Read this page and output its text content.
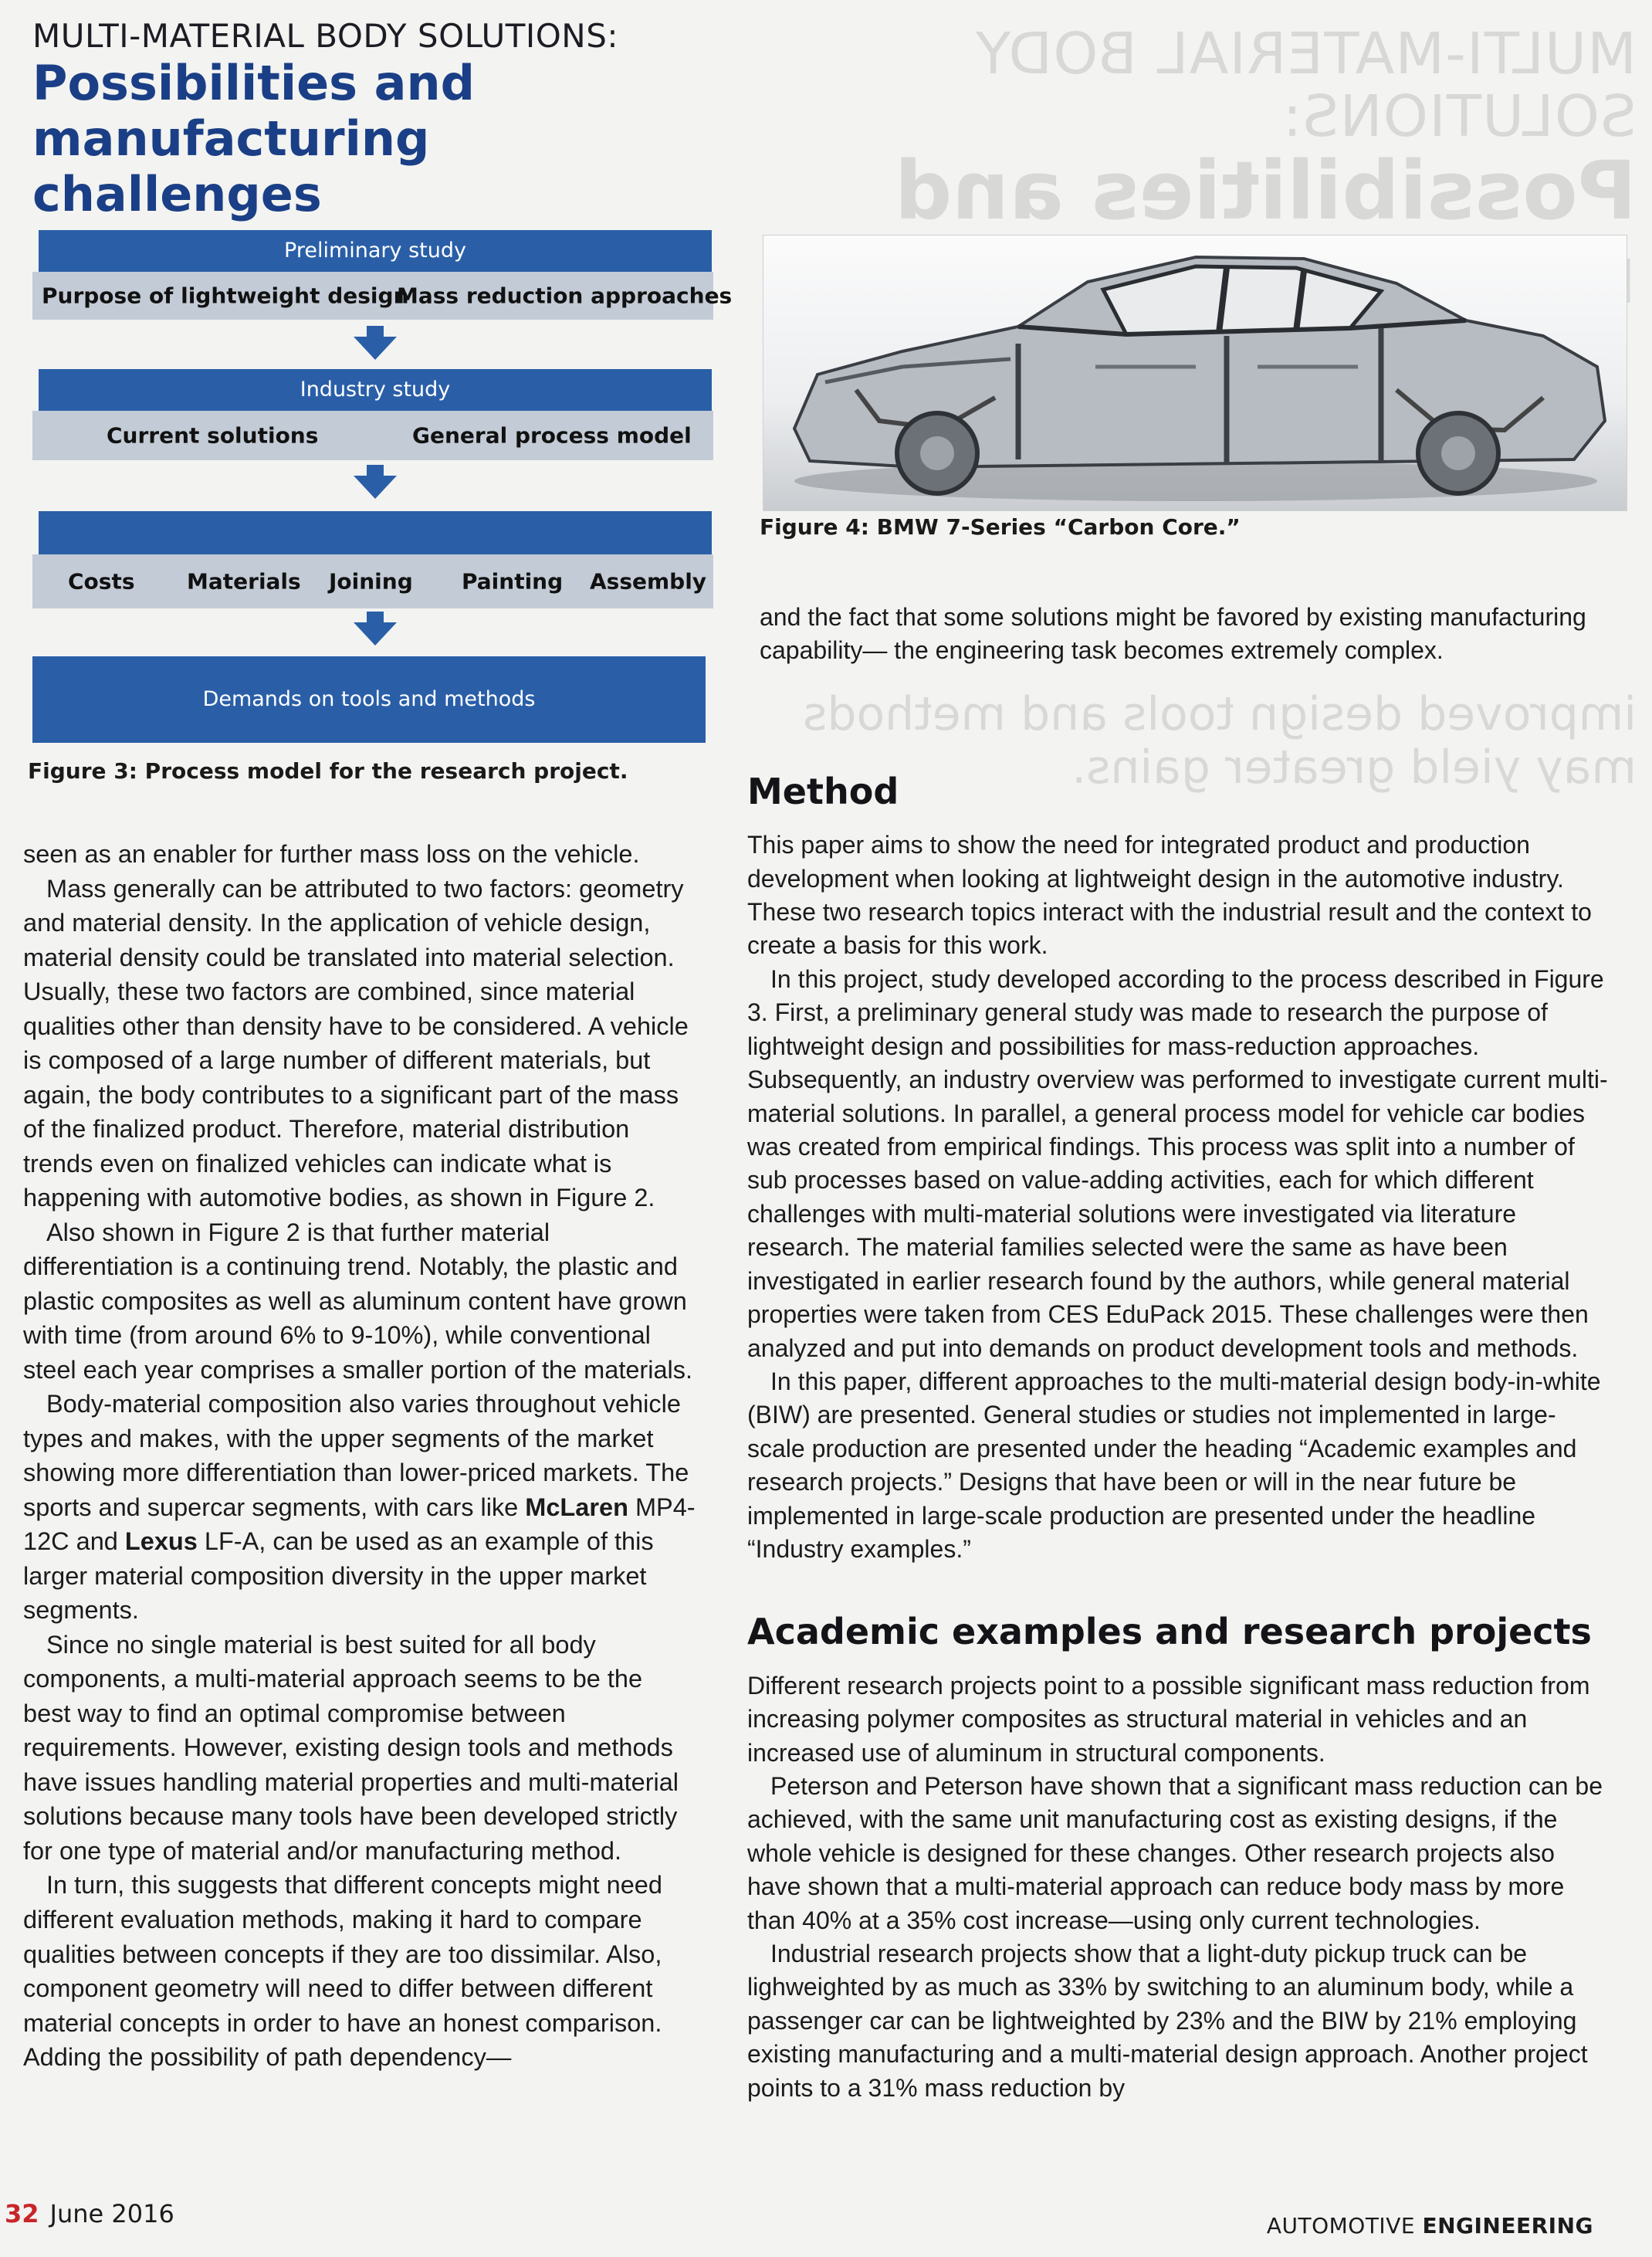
MULTI-MATERIAL BODY SOLUTIONS:
Possibilities and
improved design tools and methods
may yield greater gains.
MULTI-MATERIAL BODY SOLUTIONS:
Possibilities and manufacturing
challenges
Preliminary study
Purpose of lightweight design
Mass reduction approaches
Industry study
Current solutions	General process model
Costs Materials Joining Painting Assembly
Demands on tools and methods
Figure 3: Process model for the research project.
Figure 4: BMW 7-Series “Carbon Core.”

seen as an enabler for further mass loss on the vehicle.

Mass generally can be attributed to two factors: geometry and material density. In the application of vehicle design, material density could be translated into material selection. Usually, these two factors are combined, since material qualities other than density have to be considered. A vehicle is composed of a large number of different materials, but again, the body contributes to a significant part of the mass of the finalized product. Therefore, material distribution trends even on finalized vehicles can indicate what is happening with automotive bodies, as shown in Figure 2.

Also shown in Figure 2 is that further material differentiation is a continuing trend. Notably, the plastic and plastic composites as well as aluminum content have grown with time (from around 6% to 9-10%), while conventional steel each year comprises a smaller portion of the materials.

Body-material composition also varies throughout vehicle types and makes, with the upper segments of the market showing more differentiation than lower-priced markets. The sports and supercar segments, with cars like McLaren MP4-12C and Lexus LF-A, can be used as an example of this larger material composition diversity in the upper market segments.

Since no single material is best suited for all body components, a multi-material approach seems to be the best way to find an optimal compromise between requirements. However, existing design tools and methods have issues handling material properties and multi-material solutions because many tools have been developed strictly for one type of material and/or manufacturing method.

In turn, this suggests that different concepts might need different evaluation methods, making it hard to compare qualities between concepts if they are too dissimilar. Also, component geometry will need to differ between different material concepts in order to have an honest comparison. Adding the possibility of path dependency—

and the fact that some solutions might be favored by existing manufacturing capability— the engineering task becomes extremely complex.

Method

This paper aims to show the need for integrated product and production development when looking at lightweight design in the automotive industry. These two research topics interact with the industrial result and the context to create a basis for this work.

In this project, study developed according to the process described in Figure 3. First, a preliminary general study was made to research the purpose of lightweight design and possibilities for mass-reduction approaches. Subsequently, an industry overview was performed to investigate current multi-material solutions. In parallel, a general process model for vehicle car bodies was created from empirical findings. This process was split into a number of sub processes based on value-adding activities, each for which different challenges with multi-material solutions were investigated via literature research. The material families selected were the same as have been investigated in earlier research found by the authors, while general material properties were taken from CES EduPack 2015. These challenges were then analyzed and put into demands on product development tools and methods.

In this paper, different approaches to the multi-material design body-in-white (BIW) are presented. General studies or studies not implemented in large-scale production are presented under the heading “Academic examples and research projects.” Designs that have been or will in the near future be implemented in large-scale production are presented under the headline “Industry examples.”

Academic examples and research projects

Different research projects point to a possible significant mass reduction from increasing polymer composites as structural material in vehicles and an increased use of aluminum in structural components.

Peterson and Peterson have shown that a significant mass reduction can be achieved, with the same unit manufacturing cost as existing designs, if the whole vehicle is designed for these changes. Other research projects also have shown that a multi-material approach can reduce body mass by more than 40% at a 35% cost increase—using only current technologies.

Industrial research projects show that a light-duty pickup truck can be lighweighted by as much as 33% by switching to an aluminum body, while a passenger car can be lightweighted by 23% and the BIW by 21% employing existing manufacturing and a multi-material design approach. Another project points to a 31% mass reduction by

32 June 2016	AUTOMOTIVE ENGINEERING
